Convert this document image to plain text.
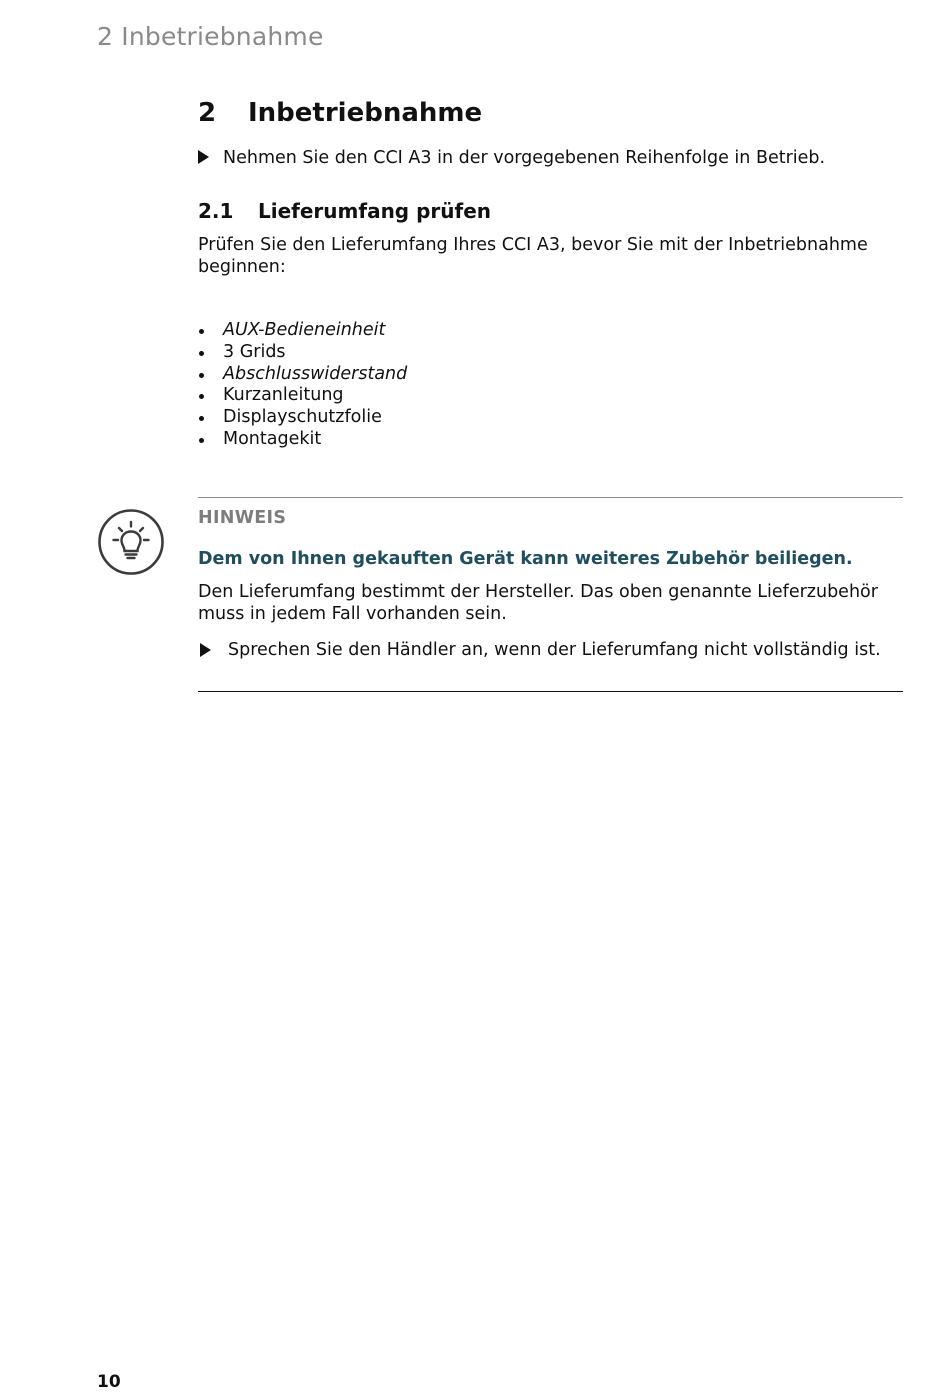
2 Inbetriebnahme
2 Inbetriebnahme
Nehmen Sie den CCI A3 in der vorgegebenen Reihenfolge in Betrieb.
2.1 Lieferumfang prüfen
Prüfen Sie den Lieferumfang Ihres CCI A3, bevor Sie mit der Inbetriebnahme beginnen:
AUX-Bedieneinheit
3 Grids
Abschlusswiderstand
Kurzanleitung
Displayschutzfolie
Montagekit
HINWEIS
Dem von Ihnen gekauften Gerät kann weiteres Zubehör beiliegen.
Den Lieferumfang bestimmt der Hersteller. Das oben genannte Lieferzubehör muss in jedem Fall vorhanden sein.
Sprechen Sie den Händler an, wenn der Lieferumfang nicht vollständig ist.
10
